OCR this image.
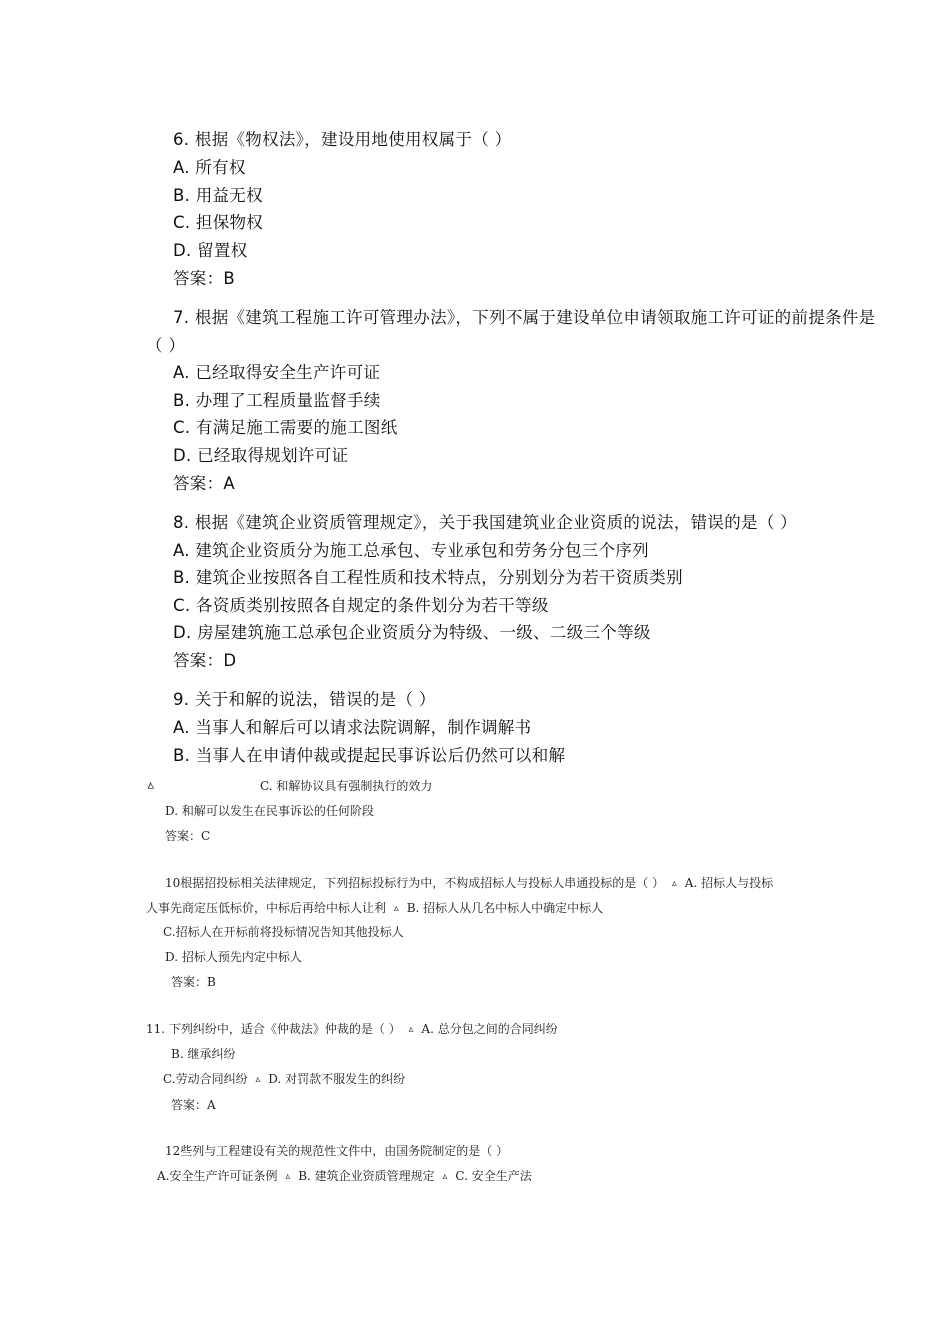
6. 根据《物权法》，建设用地使用权属于（ ）
A. 所有权
B. 用益无权
C. 担保物权
D. 留置权
答案：B
7. 根据《建筑工程施工许可管理办法》，下列不属于建设单位申请领取施工许可证的前提条件是
（ ）
A. 已经取得安全生产许可证
B. 办理了工程质量监督手续
C. 有满足施工需要的施工图纸
D. 已经取得规划许可证
答案：A
8. 根据《建筑企业资质管理规定》，关于我国建筑业企业资质的说法，错误的是（ ）
A. 建筑企业资质分为施工总承包、专业承包和劳务分包三个序列
B. 建筑企业按照各自工程性质和技术特点，分别划分为若干资质类别
C. 各资质类别按照各自规定的条件划分为若干等级
D. 房屋建筑施工总承包企业资质分为特级、一级、二级三个等级
答案：D
9. 关于和解的说法，错误的是（ ）
A. 当事人和解后可以请求法院调解，制作调解书
B. 当事人在申请仲裁或提起民事诉讼后仍然可以和解
ㅿ	C. 和解协议具有强制执行的效力
D. 和解可以发生在民事诉讼的任何阶段
答案：C
10根据招投标相关法律规定，下列招标投标行为中，不构成招标人与投标人串通投标的是（ ） ㅿ A. 招标人与投标
人事先商定压低标价，中标后再给中标人让利 ㅿ B. 招标人从几名中标人中确定中标人
C.招标人在开标前将投标情况告知其他投标人
D. 招标人预先内定中标人
答案：B
11. 下列纠纷中，适合《仲裁法》仲裁的是（ ） ㅿ A. 总分包之间的合同纠纷
B. 继承纠纷
C.劳动合同纠纷 ㅿ D. 对罚款不服发生的纠纷
答案：A
12些列与工程建设有关的规范性文件中，由国务院制定的是（ ）
A.安全生产许可证条例 ㅿ B. 建筑企业资质管理规定 ㅿ C. 安全生产法
